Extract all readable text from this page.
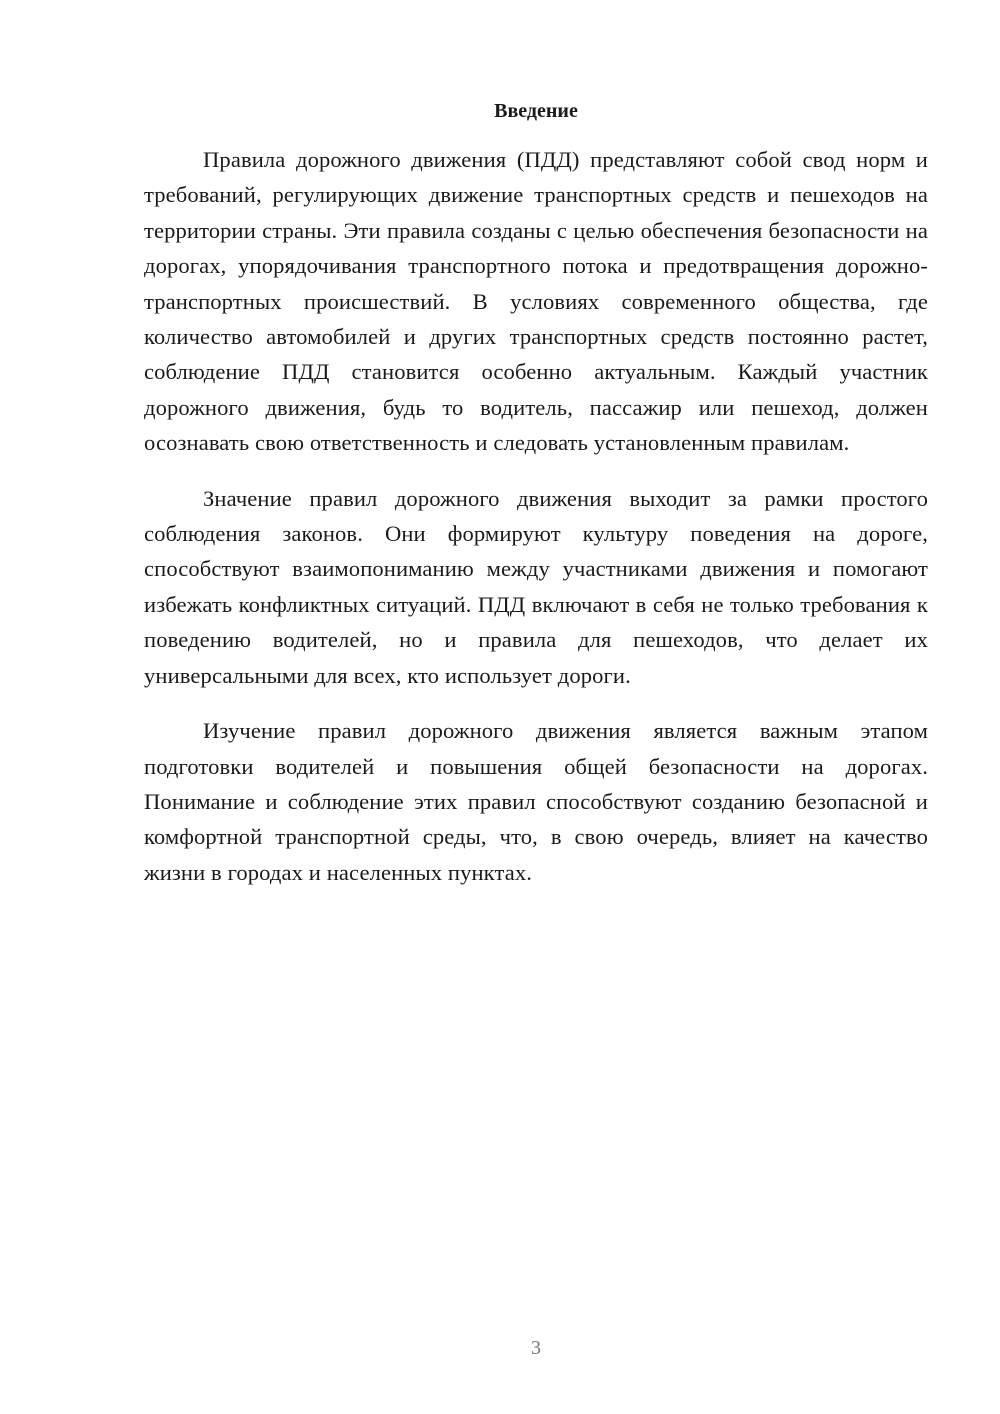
Введение

Правила дорожного движения (ПДД) представляют собой свод норм и требований, регулирующих движение транспортных средств и пешеходов на территории страны. Эти правила созданы с целью обеспечения безопасности на дорогах, упорядочивания транспортного потока и предотвращения дорожно-транспортных происшествий. В условиях современного общества, где количество автомобилей и других транспортных средств постоянно растет, соблюдение ПДД становится особенно актуальным. Каждый участник дорожного движения, будь то водитель, пассажир или пешеход, должен осознавать свою ответственность и следовать установленным правилам.

Значение правил дорожного движения выходит за рамки простого соблюдения законов. Они формируют культуру поведения на дороге, способствуют взаимопониманию между участниками движения и помогают избежать конфликтных ситуаций. ПДД включают в себя не только требования к поведению водителей, но и правила для пешеходов, что делает их универсальными для всех, кто использует дороги.

Изучение правил дорожного движения является важным этапом подготовки водителей и повышения общей безопасности на дорогах. Понимание и соблюдение этих правил способствуют созданию безопасной и комфортной транспортной среды, что, в свою очередь, влияет на качество жизни в городах и населенных пунктах.

3
